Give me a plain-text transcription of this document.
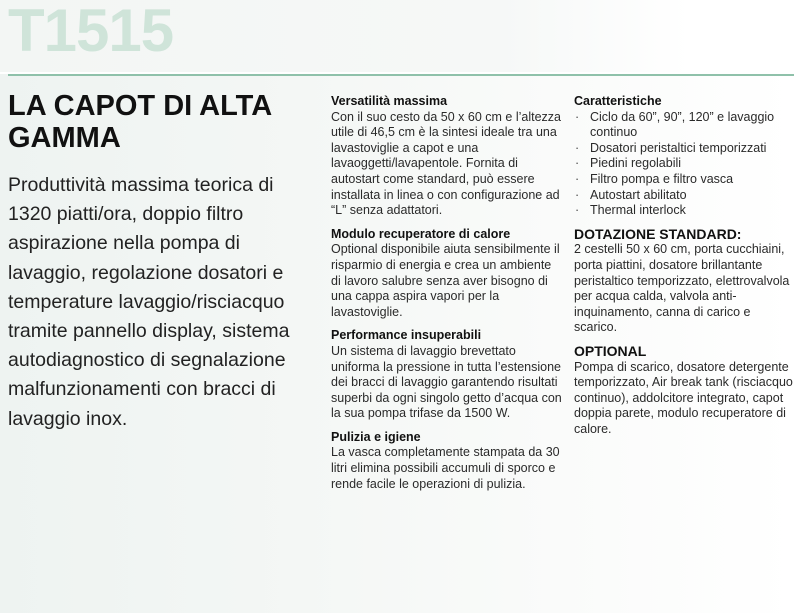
T1515
LA CAPOT DI ALTA GAMMA
Produttività massima teorica di 1320 piatti/ora, doppio filtro aspirazione nella pompa di lavaggio, regolazione dosatori e temperature lavaggio/risciacquo tramite pannello display, sistema autodiagnostico di segnalazione malfunzionamenti con bracci di lavaggio inox.
Versatilità massima
Con il suo cesto da 50 x 60 cm e l’altezza utile di 46,5 cm è la sintesi ideale tra una lavastoviglie a capot e una lavaoggetti/lavapentole. Fornita di autostart come standard, può essere installata in linea o con configurazione ad “L” senza adattatori.
Modulo recuperatore di calore
Optional disponibile aiuta sensibilmente il risparmio di energia e crea un ambiente di lavoro salubre senza aver bisogno di una cappa aspira vapori per la lavastoviglie.
Performance insuperabili
Un sistema di lavaggio brevettato uniforma la pressione in tutta l’estensione dei bracci di lavaggio garantendo risultati superbi da ogni singolo getto d’acqua con la sua pompa trifase da 1500 W.
Pulizia e igiene
La vasca completamente stampata da 30 litri elimina possibili accumuli di sporco e rende facile le operazioni di pulizia.
Caratteristiche
· Ciclo da 60”, 90”, 120” e lavaggio continuo
· Dosatori peristaltici temporizzati
· Piedini regolabili
· Filtro pompa e filtro vasca
· Autostart abilitato
· Thermal interlock
DOTAZIONE STANDARD:
2 cestelli 50 x 60 cm, porta cucchiaini, porta piattini, dosatore brillantante peristaltico temporizzato, elettrovalvola per acqua calda, valvola anti-inquinamento, canna di carico e scarico.
OPTIONAL
Pompa di scarico, dosatore detergente temporizzato, Air break tank (risciacquo continuo), addolcitore integrato, capot doppia parete, modulo recuperatore di calore.
